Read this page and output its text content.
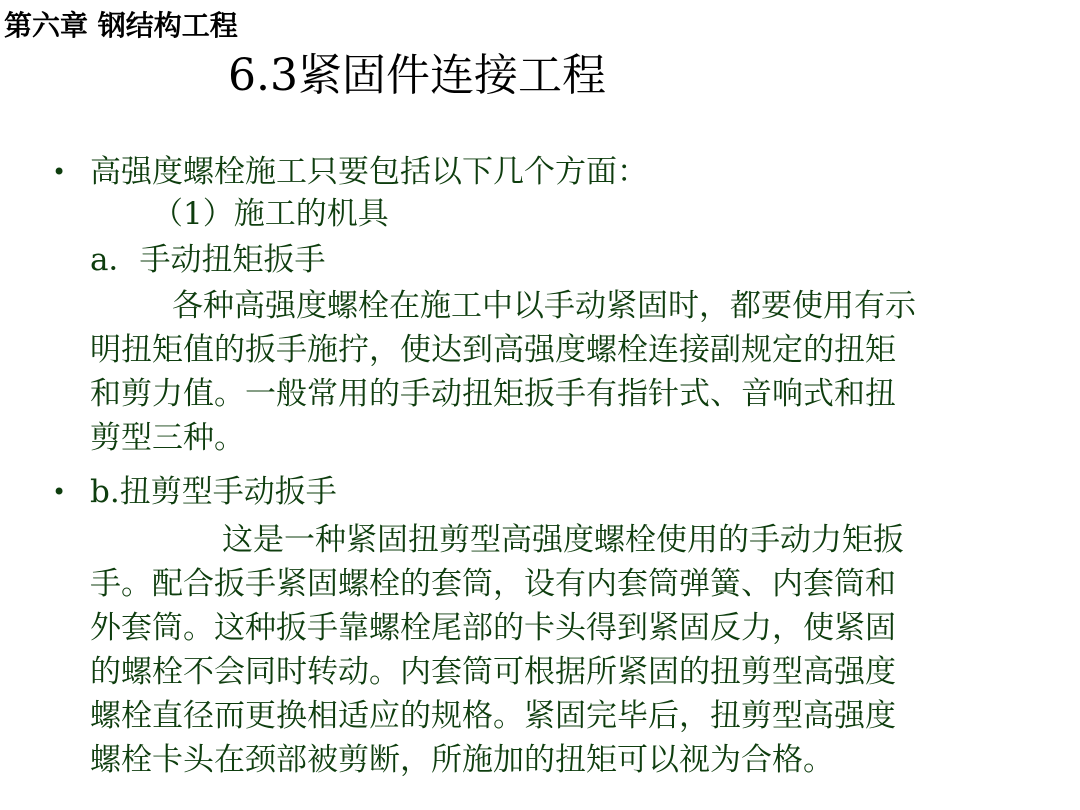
第六章 钢结构工程
6.3紧固件连接工程
•
•
高强度螺栓施工只要包括以下几个方面：
（1）施工的机具
a．手动扭矩扳手
各种高强度螺栓在施工中以手动紧固时，都要使用有示
明扭矩值的扳手施拧，使达到高强度螺栓连接副规定的扭矩
和剪力值。一般常用的手动扭矩扳手有指针式、音响式和扭
剪型三种。
b.扭剪型手动扳手
这是一种紧固扭剪型高强度螺栓使用的手动力矩扳
手。配合扳手紧固螺栓的套筒，设有内套筒弹簧、内套筒和
外套筒。这种扳手靠螺栓尾部的卡头得到紧固反力，使紧固
的螺栓不会同时转动。内套筒可根据所紧固的扭剪型高强度
螺栓直径而更换相适应的规格。紧固完毕后，扭剪型高强度
螺栓卡头在颈部被剪断，所施加的扭矩可以视为合格。
